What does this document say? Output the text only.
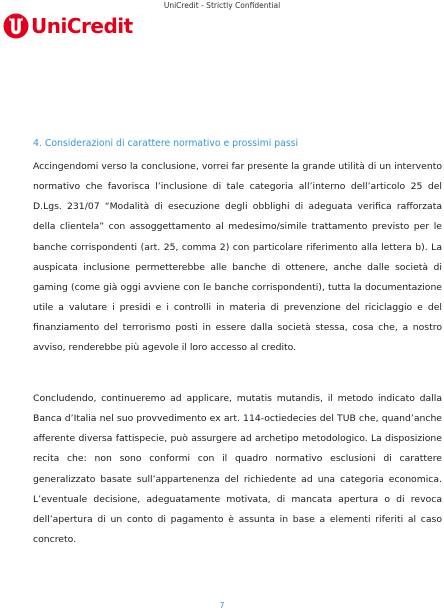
UniCredit - Strictly Confidential
UniCredit
4. Considerazioni di carattere normativo e prossimi passi

Accingendomi verso la conclusione, vorrei far presente la grande utilità di un intervento normativo che favorisca l’inclusione di tale categoria all’interno dell’articolo 25 del D.Lgs. 231/07 “Modalità di esecuzione degli obblighi di adeguata verifica rafforzata della clientela” con assoggettamento al medesimo/simile trattamento previsto per le banche corrispondenti (art. 25, comma 2) con particolare riferimento alla lettera b). La auspicata inclusione permetterebbe alle banche di ottenere, anche dalle società di gaming (come già oggi avviene con le banche corrispondenti), tutta la documentazione utile a valutare i presidi e i controlli in materia di prevenzione del riciclaggio e del finanziamento del terrorismo posti in essere dalla società stessa, cosa che, a nostro avviso, renderebbe più agevole il loro accesso al credito.

Concludendo, continueremo ad applicare, mutatis mutandis, il metodo indicato dalla Banca d’Italia nel suo provvedimento ex art. 114-octiedecies del TUB che, quand’anche afferente diversa fattispecie, può assurgere ad archetipo metodologico. La disposizione recita che: non sono conformi con il quadro normativo esclusioni di carattere generalizzato basate sull’appartenenza del richiedente ad una categoria economica. L’eventuale decisione, adeguatamente motivata, di mancata apertura o di revoca dell’apertura di un conto di pagamento è assunta in base a elementi riferiti al caso concreto.

7
